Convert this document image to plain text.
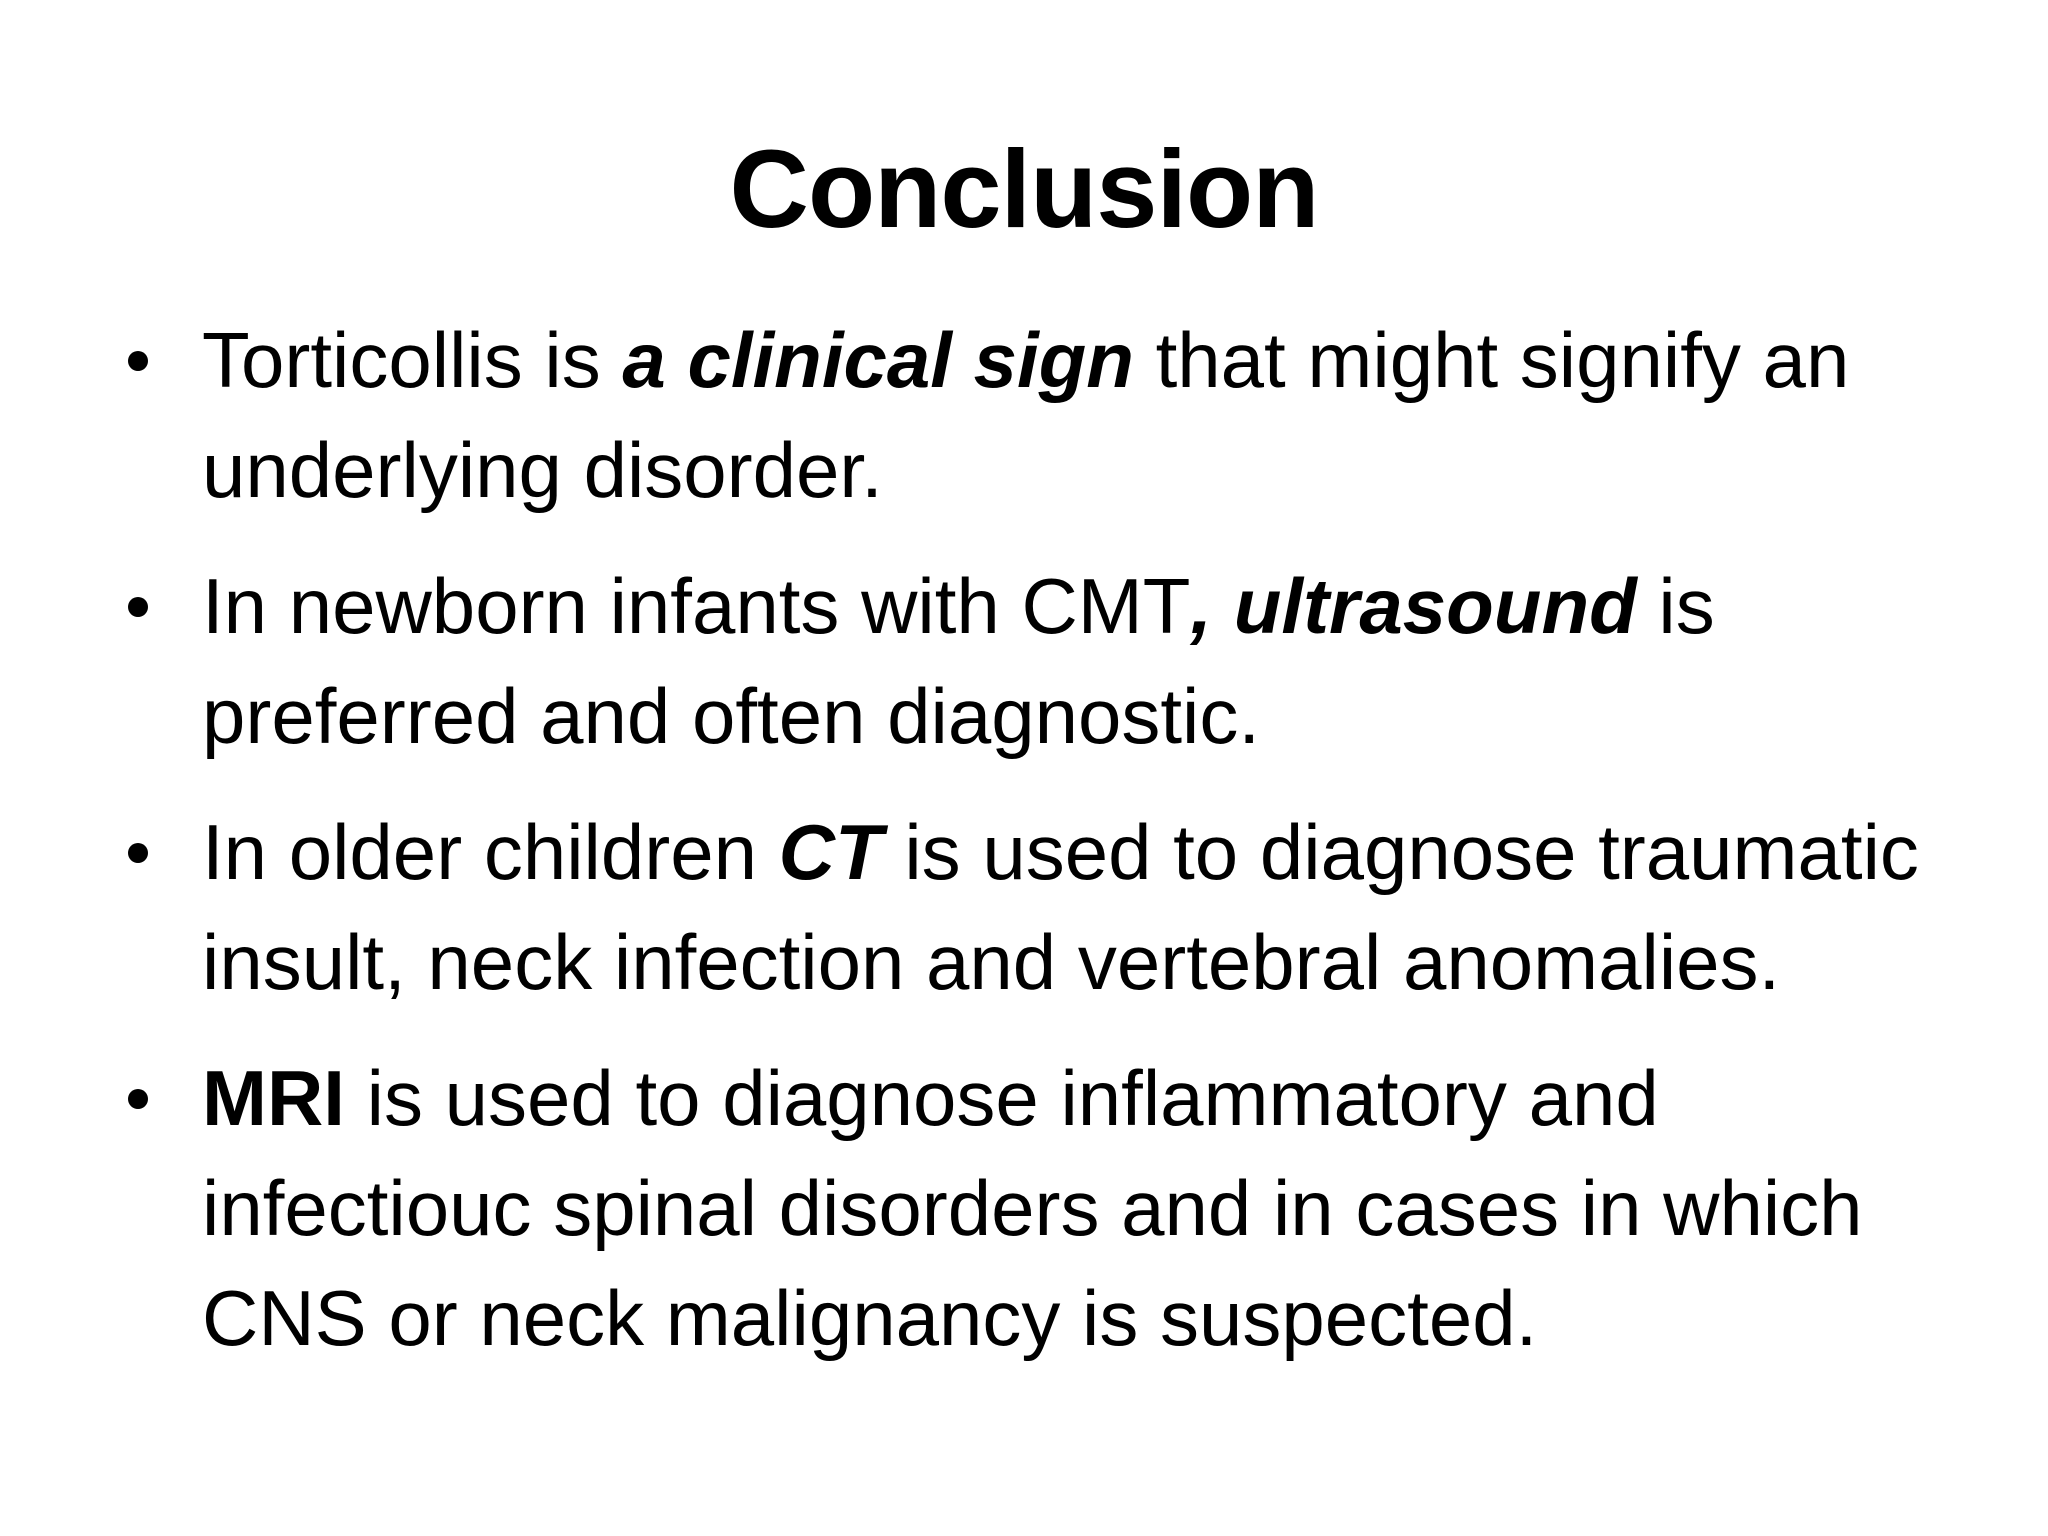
Conclusion
Torticollis is a clinical sign that might signify an underlying disorder.
In newborn infants with CMT, ultrasound is preferred and often diagnostic.
In older children CT is used to diagnose traumatic insult, neck infection and vertebral anomalies.
MRI is used to diagnose inflammatory and infectiouc spinal disorders and in cases in which CNS or neck malignancy is suspected.
